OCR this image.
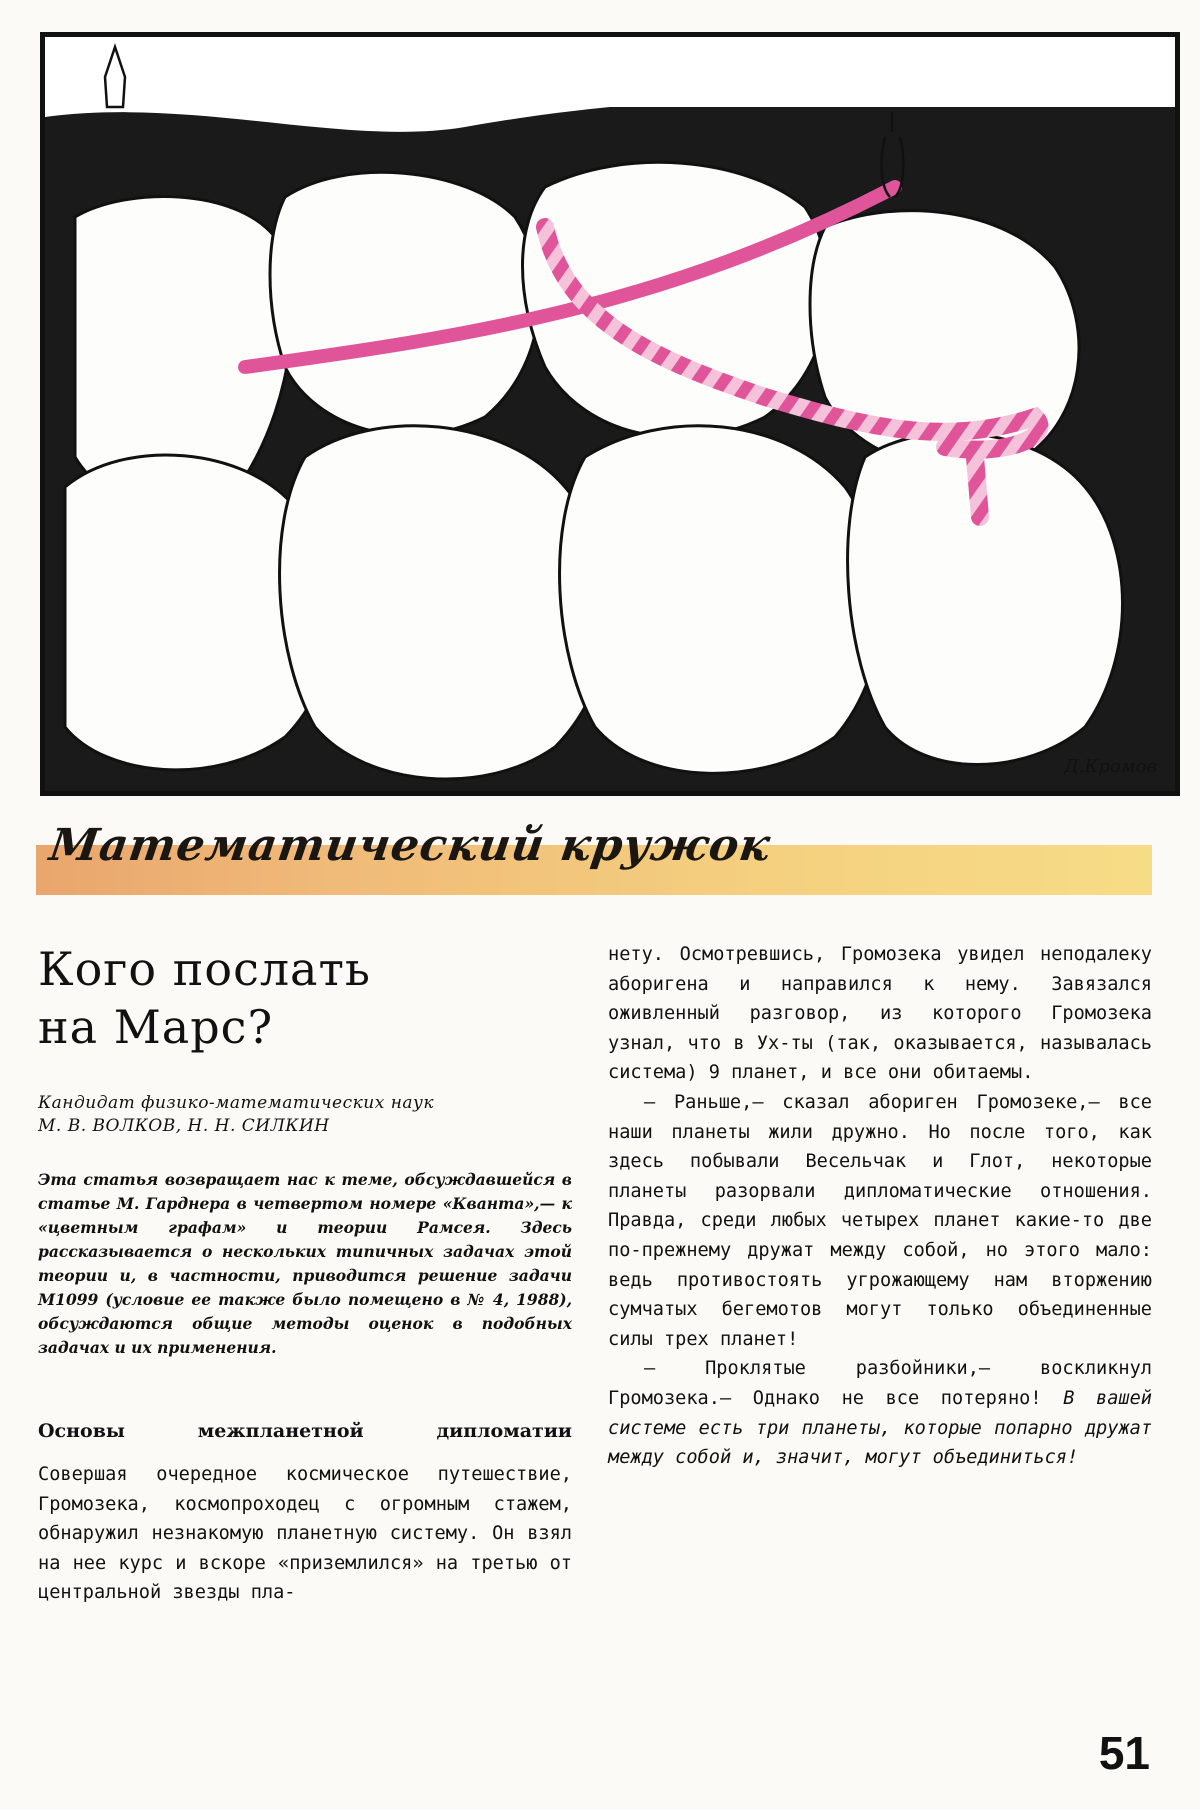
Д.Кромов
Математический кружок
Кого послать
на Марс?
Кандидат физико-математических наук
М. В. ВОЛКОВ, Н. Н. СИЛКИН
Эта статья возвращает нас к теме, обсуждавшейся в статье М. Гарднера в четвертом номере «Кванта»,— к «цветным графам» и теории Рамсея. Здесь рассказывается о нескольких типичных задачах этой теории и, в частности, приводится решение задачи М1099 (условие ее также было помещено в № 4, 1988), обсуждаются общие методы оценок в подобных задачах и их применения.
Основы межпланетной дипломатии

Совершая очередное космическое путешествие, Громозека, космопроходец с огромным стажем, обнаружил незнакомую планетную систему. Он взял на нее курс и вскоре «приземлился» на третью от центральной звезды пла-

нету. Осмотревшись, Громозека увидел неподалеку аборигена и направился к нему. Завязался оживленный разговор, из которого Громозека узнал, что в Ух-ты (так, оказывается, называлась система) 9 планет, и все они обитаемы.

— Раньше,— сказал абориген Громозеке,— все наши планеты жили дружно. Но после того, как здесь побывали Весельчак и Глот, некоторые планеты разорвали дипломатические отношения. Правда, среди любых четырех планет какие-то две по-прежнему дружат между собой, но этого мало: ведь противостоять угрожающему нам вторжению сумчатых бегемотов могут только объединенные силы трех планет!

— Проклятые разбойники,— воскликнул Громозека.— Однако не все потеряно! В вашей системе есть три планеты, которые попарно дружат между собой и, значит, могут объединиться!

51
